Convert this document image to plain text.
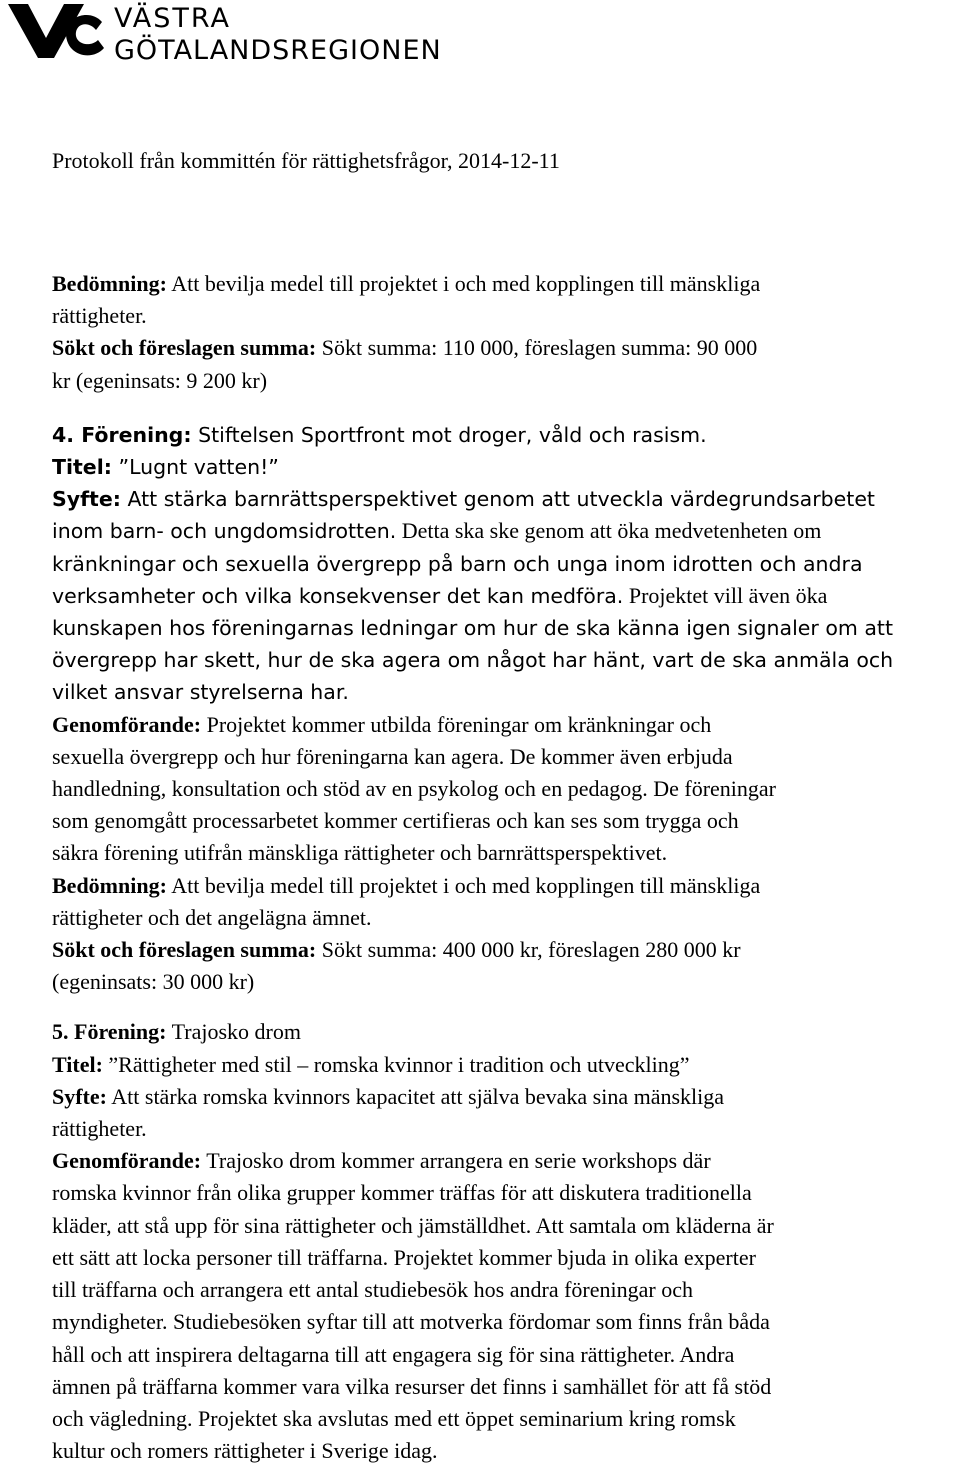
VÄSTRA
GÖTALANDSREGIONEN
Protokoll från kommittén för rättighetsfrågor, 2014-12-11

Bedömning: Att bevilja medel till projektet i och med kopplingen till mänskliga
rättigheter.

Sökt och föreslagen summa: Sökt summa: 110 000, föreslagen summa: 90 000
kr (egeninsats: 9 200 kr)

4. Förening: Stiftelsen Sportfront mot droger, våld och rasism.

Titel: ”Lugnt vatten!”

Syfte: Att stärka barnrättsperspektivet genom att utveckla värdegrundsarbetet
inom barn- och ungdomsidrotten. Detta ska ske genom att öka medvetenheten om
kränkningar och sexuella övergrepp på barn och unga inom idrotten och andra
verksamheter och vilka konsekvenser det kan medföra. Projektet vill även öka
kunskapen hos föreningarnas ledningar om hur de ska känna igen signaler om att
övergrepp har skett, hur de ska agera om något har hänt, vart de ska anmäla och
vilket ansvar styrelserna har.

Genomförande: Projektet kommer utbilda föreningar om kränkningar och
sexuella övergrepp och hur föreningarna kan agera. De kommer även erbjuda
handledning, konsultation och stöd av en psykolog och en pedagog. De föreningar
som genomgått processarbetet kommer certifieras och kan ses som trygga och
säkra förening utifrån mänskliga rättigheter och barnrättsperspektivet.

Bedömning: Att bevilja medel till projektet i och med kopplingen till mänskliga
rättigheter och det angelägna ämnet.

Sökt och föreslagen summa: Sökt summa: 400 000 kr, föreslagen 280 000 kr
(egeninsats: 30 000 kr)

5. Förening: Trajosko drom

Titel: ”Rättigheter med stil – romska kvinnor i tradition och utveckling”

Syfte: Att stärka romska kvinnors kapacitet att själva bevaka sina mänskliga
rättigheter.

Genomförande: Trajosko drom kommer arrangera en serie workshops där
romska kvinnor från olika grupper kommer träffas för att diskutera traditionella
kläder, att stå upp för sina rättigheter och jämställdhet. Att samtala om kläderna är
ett sätt att locka personer till träffarna. Projektet kommer bjuda in olika experter
till träffarna och arrangera ett antal studiebesök hos andra föreningar och
myndigheter. Studiebesöken syftar till att motverka fördomar som finns från båda
håll och att inspirera deltagarna till att engagera sig för sina rättigheter. Andra
ämnen på träffarna kommer vara vilka resurser det finns i samhället för att få stöd
och vägledning. Projektet ska avslutas med ett öppet seminarium kring romsk
kultur och romers rättigheter i Sverige idag.
